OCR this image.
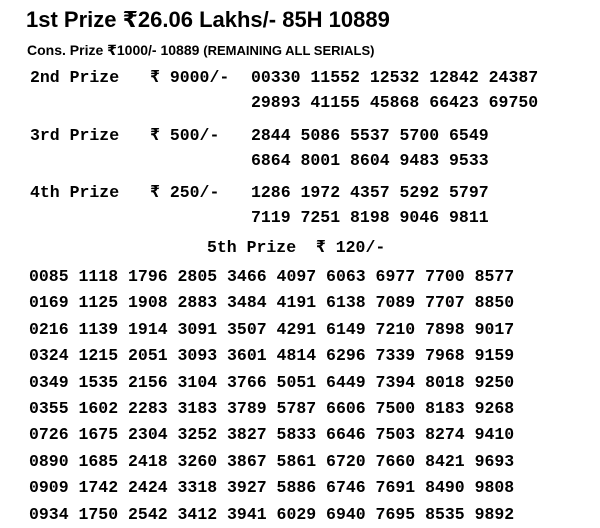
1st Prize ₹26.06 Lakhs/- 85H 10889
Cons. Prize ₹1000/- 10889 (REMAINING ALL SERIALS)

2nd Prize

₹ 9000/-

00330 11552 12532 12842 24387

29893 41155 45868 66423 69750

3rd Prize

₹ 500/-

2844 5086 5537 5700 6549

6864 8001 8604 9483 9533

4th Prize

₹ 250/-

1286 1972 4357 5292 5797

7119 7251 8198 9046 9811

5th Prize  ₹ 120/-
0085 1118 1796 2805 3466 4097 6063 6977 7700 8577
0169 1125 1908 2883 3484 4191 6138 7089 7707 8850
0216 1139 1914 3091 3507 4291 6149 7210 7898 9017
0324 1215 2051 3093 3601 4814 6296 7339 7968 9159
0349 1535 2156 3104 3766 5051 6449 7394 8018 9250
0355 1602 2283 3183 3789 5787 6606 7500 8183 9268
0726 1675 2304 3252 3827 5833 6646 7503 8274 9410
0890 1685 2418 3260 3867 5861 6720 7660 8421 9693
0909 1742 2424 3318 3927 5886 6746 7691 8490 9808
0934 1750 2542 3412 3941 6029 6940 7695 8535 9892
